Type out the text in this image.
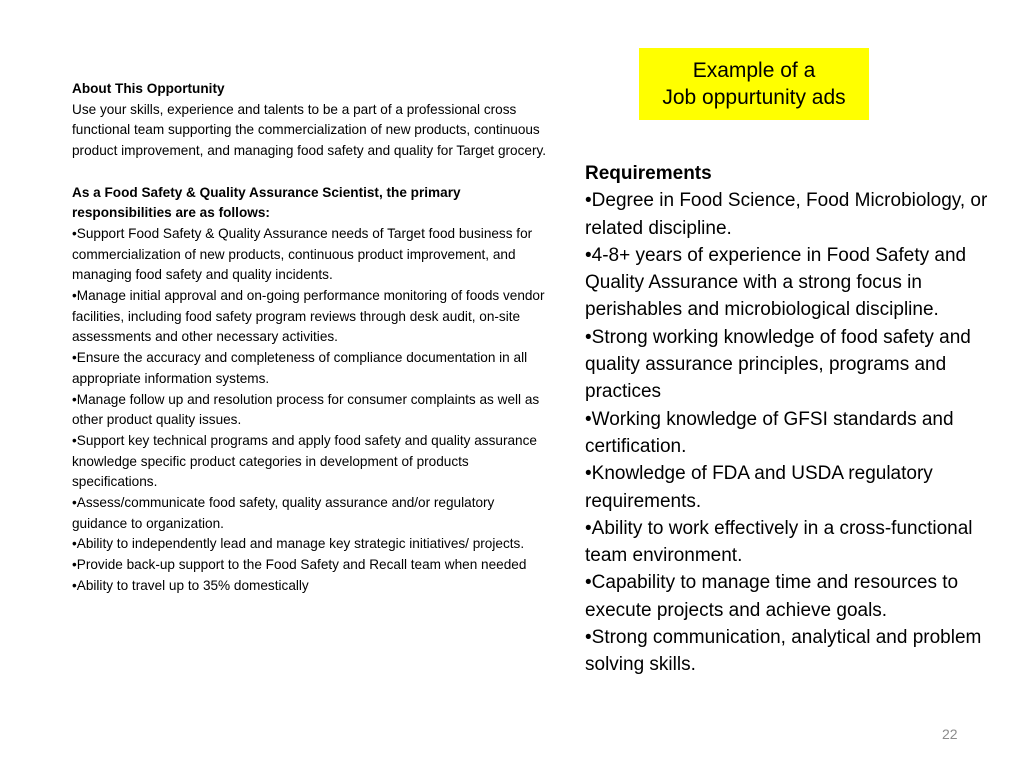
Example of a
Job oppurtunity ads

About This Opportunity

Use your skills, experience and talents to be a part of a professional cross functional team supporting the commercialization of new products, continuous product improvement, and managing food safety and quality for Target grocery.

As a Food Safety & Quality Assurance Scientist, the primary responsibilities are as follows:

•Support Food Safety & Quality Assurance needs of Target food business for commercialization of new products, continuous product improvement, and managing food safety and quality incidents.

•Manage initial approval and on-going performance monitoring of foods vendor facilities, including food safety program reviews through desk audit, on-site assessments and other necessary activities.

•Ensure the accuracy and completeness of compliance documentation in all appropriate information systems.

•Manage follow up and resolution process for consumer complaints as well as other product quality issues.

•Support key technical programs and apply food safety and quality assurance knowledge specific product categories in development of products specifications.

•Assess/communicate food safety, quality assurance and/or regulatory guidance to organization.

•Ability to independently lead and manage key strategic initiatives/ projects.

•Provide back-up support to the Food Safety and Recall team when needed

•Ability to travel up to 35% domestically

Requirements

•Degree in Food Science, Food Microbiology, or related discipline.
•4-8+ years of experience in Food Safety and Quality Assurance with a strong focus in perishables and microbiological discipline.
•Strong working knowledge of food safety and quality assurance principles, programs and practices
•Working knowledge of GFSI standards and certification.
•Knowledge of FDA and USDA regulatory requirements.
•Ability to work effectively in a cross-functional team environment.
•Capability to manage time and resources to execute projects and achieve goals.
•Strong communication, analytical and problem solving skills.
22
